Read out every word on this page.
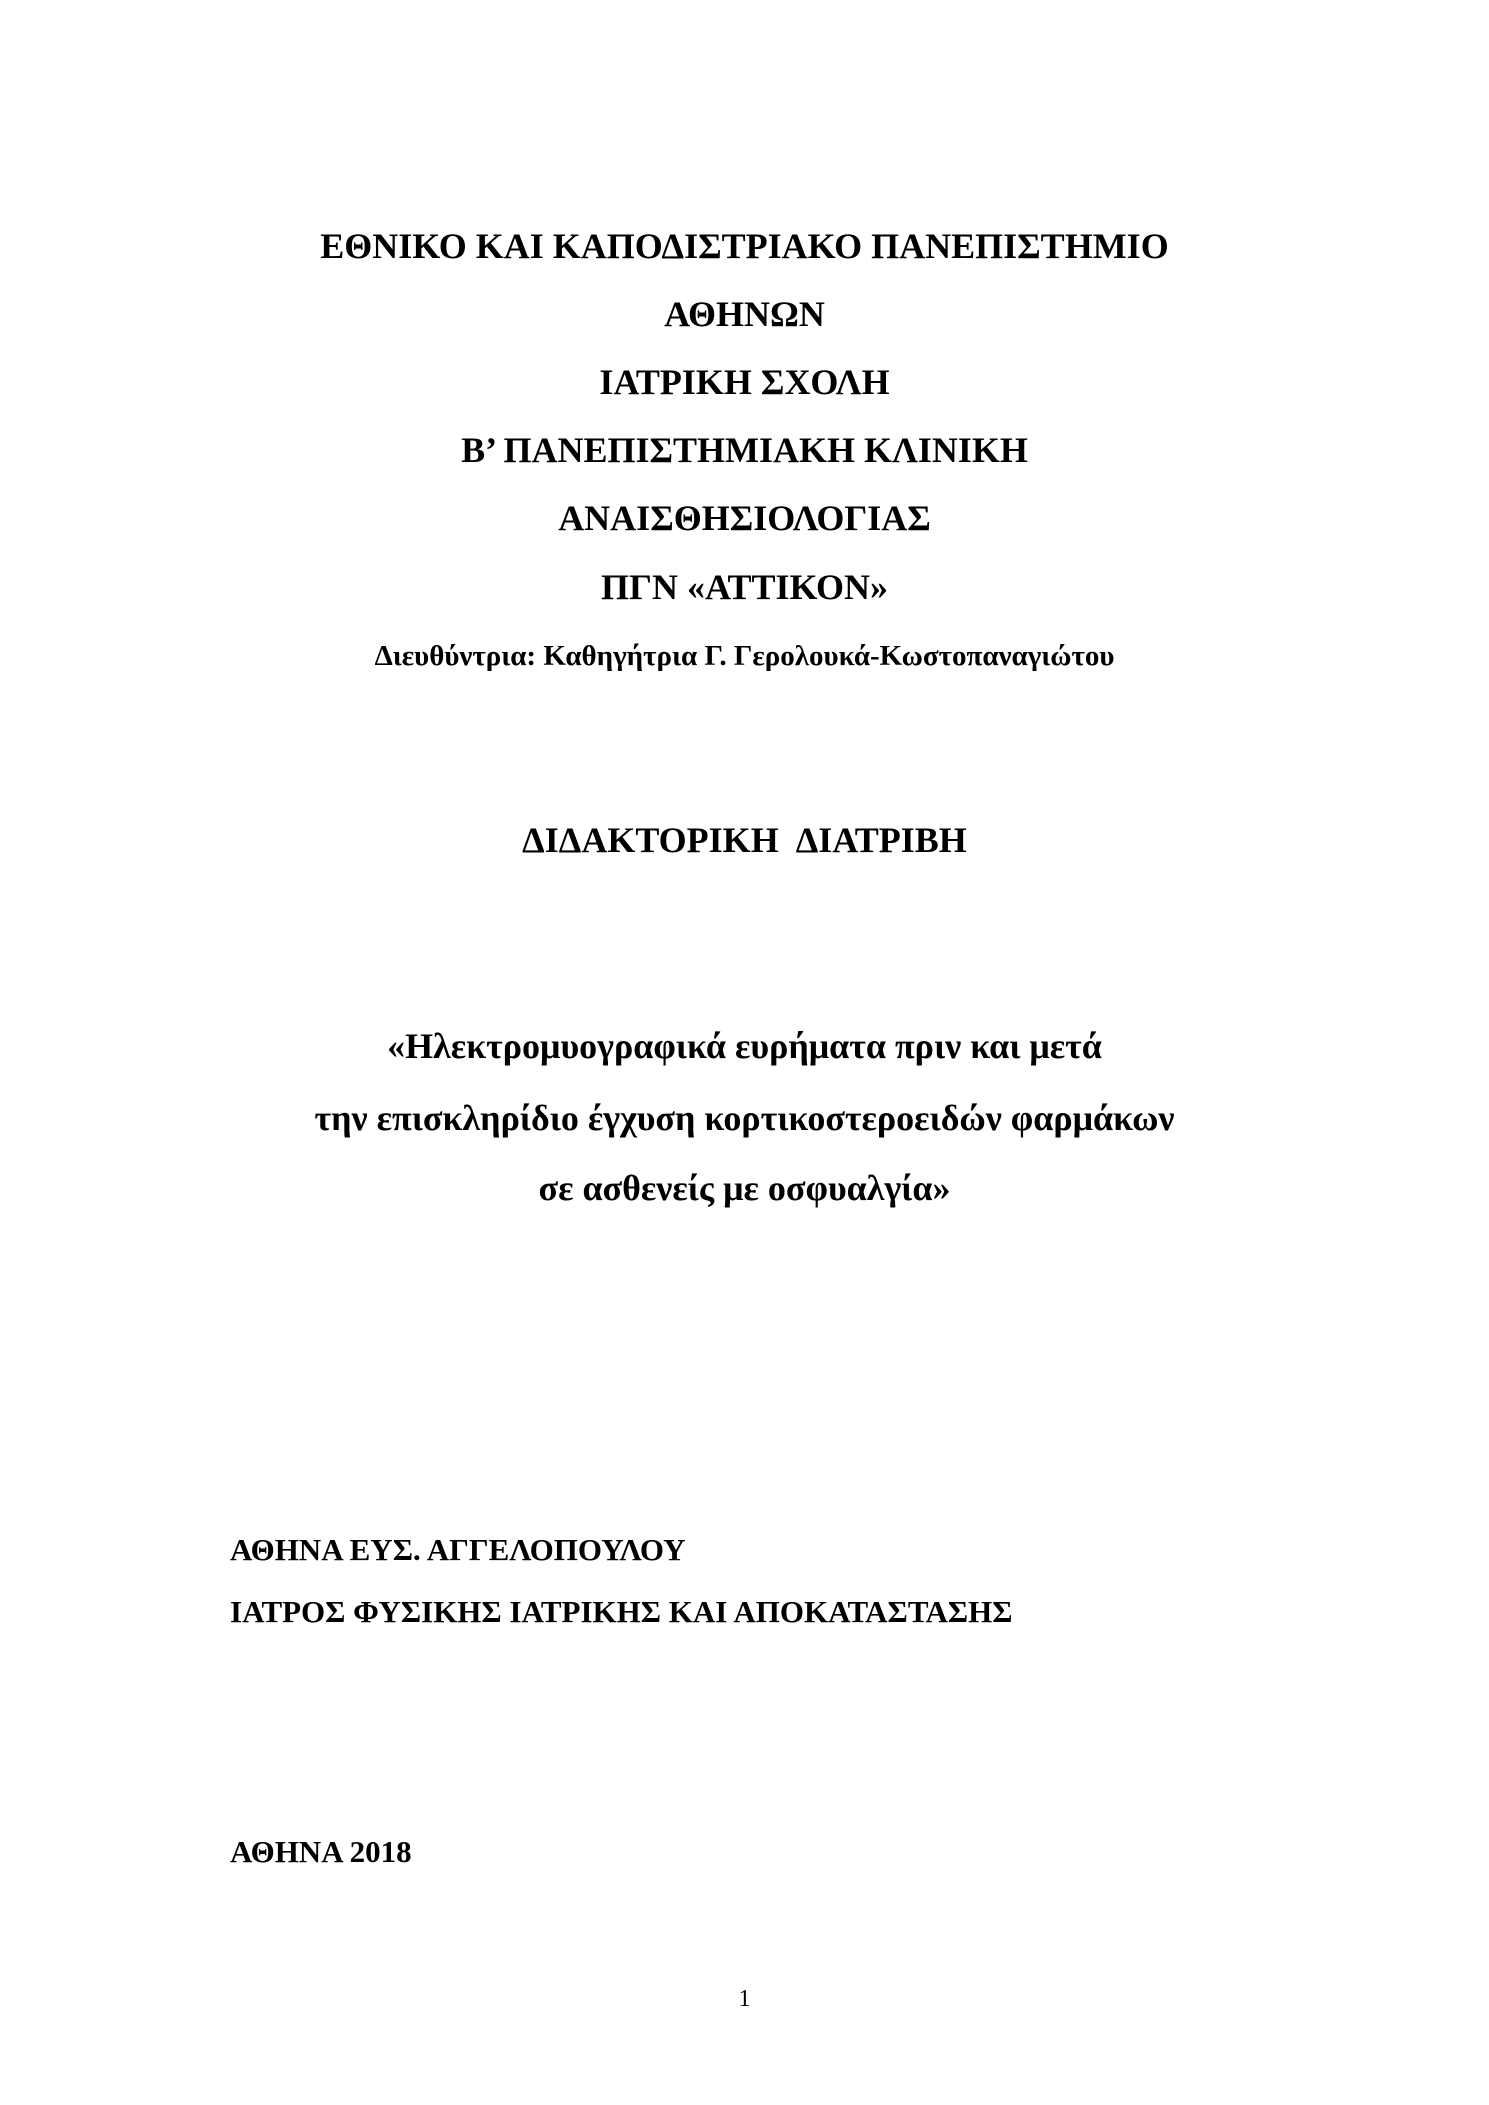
ΕΘΝΙΚΟ ΚΑΙ ΚΑΠΟΔΙΣΤΡΙΑΚΟ ΠΑΝΕΠΙΣΤΗΜΙΟ
ΑΘΗΝΩΝ
ΙΑΤΡΙΚΗ ΣΧΟΛΗ
Β’ ΠΑΝΕΠΙΣΤΗΜΙΑΚΗ ΚΛΙΝΙΚΗ
ΑΝΑΙΣΘΗΣΙΟΛΟΓΙΑΣ
ΠΓΝ «ΑΤΤΙΚΟΝ»
Διευθύντρια: Καθηγήτρια Γ. Γερολουκά-Κωστοπαναγιώτου
ΔΙΔΑΚΤΟΡΙΚΗ ΔΙΑΤΡΙΒΗ
«Ηλεκτρομυογραφικά ευρήματα πριν και μετά
την επισκληρίδιο έγχυση κορτικοστεροειδών φαρμάκων
σε ασθενείς με οσφυαλγία»
ΑΘΗΝΑ ΕΥΣ. ΑΓΓΕΛΟΠΟΥΛΟΥ
ΙΑΤΡΟΣ ΦΥΣΙΚΗΣ ΙΑΤΡΙΚΗΣ ΚΑΙ ΑΠΟΚΑΤΑΣΤΑΣΗΣ
ΑΘΗΝΑ 2018
1
